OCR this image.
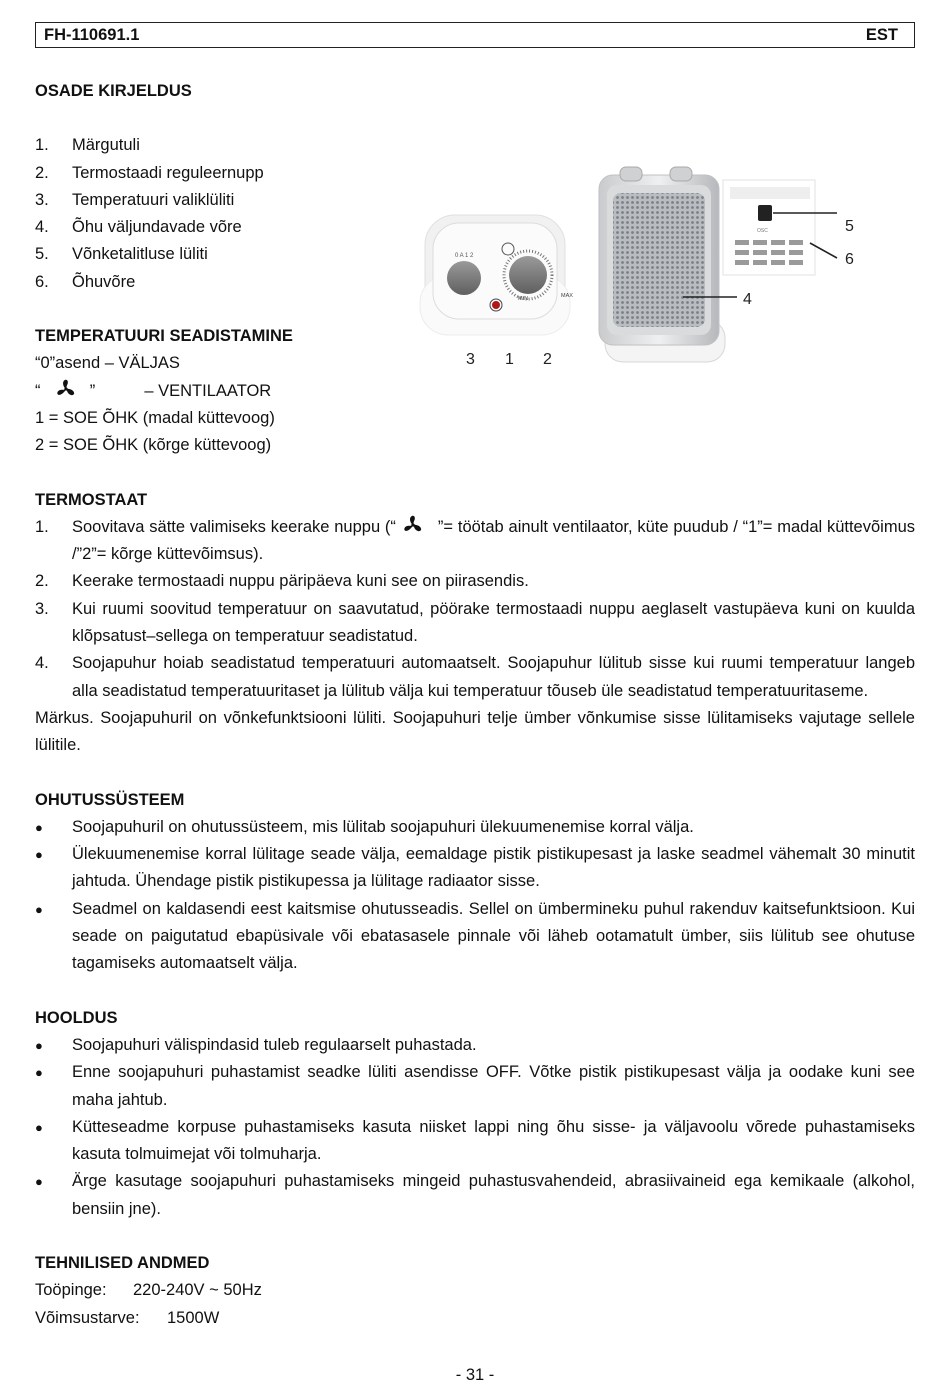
FH-110691.1	EST
OSADE KIRJELDUS
1. Märgutuli
2. Termostaadi reguleernupp
3. Temperatuuri valiklüliti
4. Õhu väljundavade võre
5. Võnketalitluse lüliti
6. Õhuvõre
TEMPERATUURI SEADISTAMINE
“0”asend – VÄLJAS
“	”	– VENTILAATOR
1 = SOE ÕHK (madal küttevoog)
2 = SOE ÕHK (kõrge küttevoog)
TERMOSTAAT
1. Soovitava sätte valimiseks keerake nuppu (“	”= töötab ainult ventilaator, küte puudub / “1”= madal küttevõimus /”2”= kõrge küttevõimsus).
2. Keerake termostaadi nuppu päripäeva kuni see on piirasendis.
3. Kui ruumi soovitud temperatuur on saavutatud, pöörake termostaadi nuppu aeglaselt vastupäeva kuni on kuulda klõpsatust–sellega on temperatuur seadistatud.
4. Soojapuhur hoiab seadistatud temperatuuri automaatselt. Soojapuhur lülitub sisse kui ruumi temperatuur langeb alla seadistatud temperatuuritaset ja lülitub välja kui temperatuur tõuseb üle seadistatud temperatuuritaseme.
Märkus. Soojapuhuril on võnkefunktsiooni lüliti. Soojapuhuri telje ümber võnkumise sisse lülitamiseks vajutage sellele lülitile.
OHUTUSSÜSTEEM
● Soojapuhuril on ohutussüsteem, mis lülitab soojapuhuri ülekuumenemise korral välja.
● Ülekuumenemise korral lülitage seade välja, eemaldage pistik pistikupesast ja laske seadmel vähemalt 30 minutit jahtuda. Ühendage pistik pistikupessa ja lülitage radiaator sisse.
● Seadmel on kaldasendi eest kaitsmise ohutusseadis. Sellel on ümbermineku puhul rakenduv kaitsefunktsioon. Kui seade on paigutatud ebapüsivale või ebatasasele pinnale või läheb ootamatult ümber, siis lülitub see ohutuse tagamiseks automaatselt välja.
HOOLDUS
● Soojapuhuri välispindasid tuleb regulaarselt puhastada.
● Enne soojapuhuri puhastamist seadke lüliti asendisse OFF. Võtke pistik pistikupesast välja ja oodake kuni see maha jahtub.
● Kütteseadme korpuse puhastamiseks kasuta niisket lappi ning õhu sisse- ja väljavoolu võrede puhastamiseks kasuta tolmuimejat või tolmuharja.
● Ärge kasutage soojapuhuri puhastamiseks mingeid puhastusvahendeid, abrasiivaineid ega kemikaale (alkohol, bensiin jne).
TEHNILISED ANDMED
Toöpinge: 220-240V ~ 50Hz
Võimsustarve: 1500W
0 A 1 2
MIN	MAX
OSC
3 1 2
4
5
6
- 31 -
